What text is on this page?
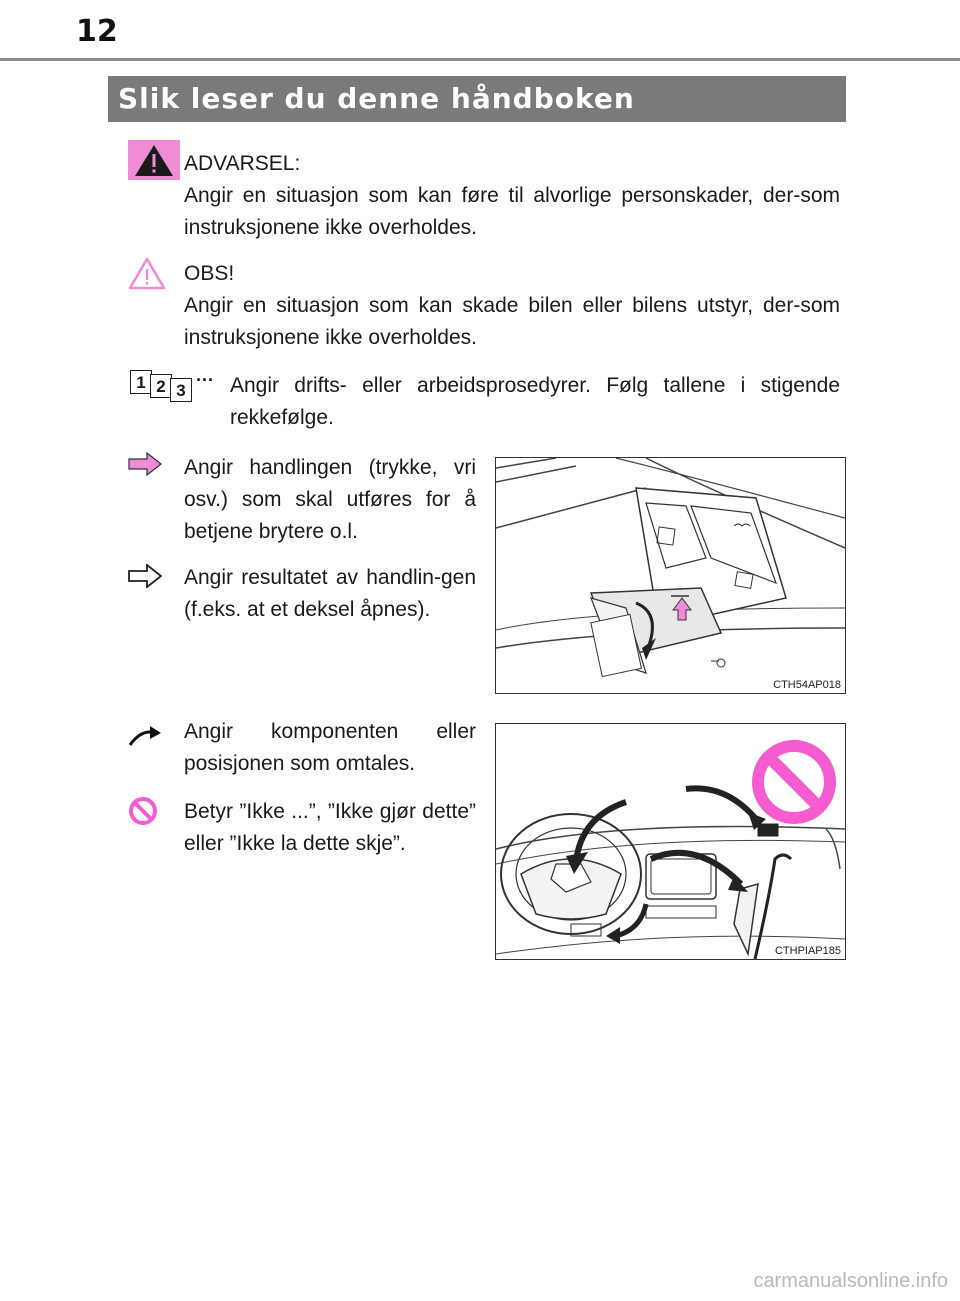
12
Slik leser du denne håndboken
ADVARSEL:
Angir en situasjon som kan føre til alvorlige personskader, der-som instruksjonene ikke overholdes.
OBS!
Angir en situasjon som kan skade bilen eller bilens utstyr, der-som instruksjonene ikke overholdes.
1 2 3
··· Angir drifts- eller arbeidsprosedyrer. Følg tallene i stigende rekkefølge.
Angir handlingen (trykke, vri osv.) som skal utføres for å betjene brytere o.l.
Angir resultatet av handlin-gen (f.eks. at et deksel åpnes).
CTH54AP018
Angir komponenten eller posisjonen som omtales.
Betyr ”Ikke ...”, ”Ikke gjør dette” eller ”Ikke la dette skje”.
CTHPIAP185
carmanualsonline.info
